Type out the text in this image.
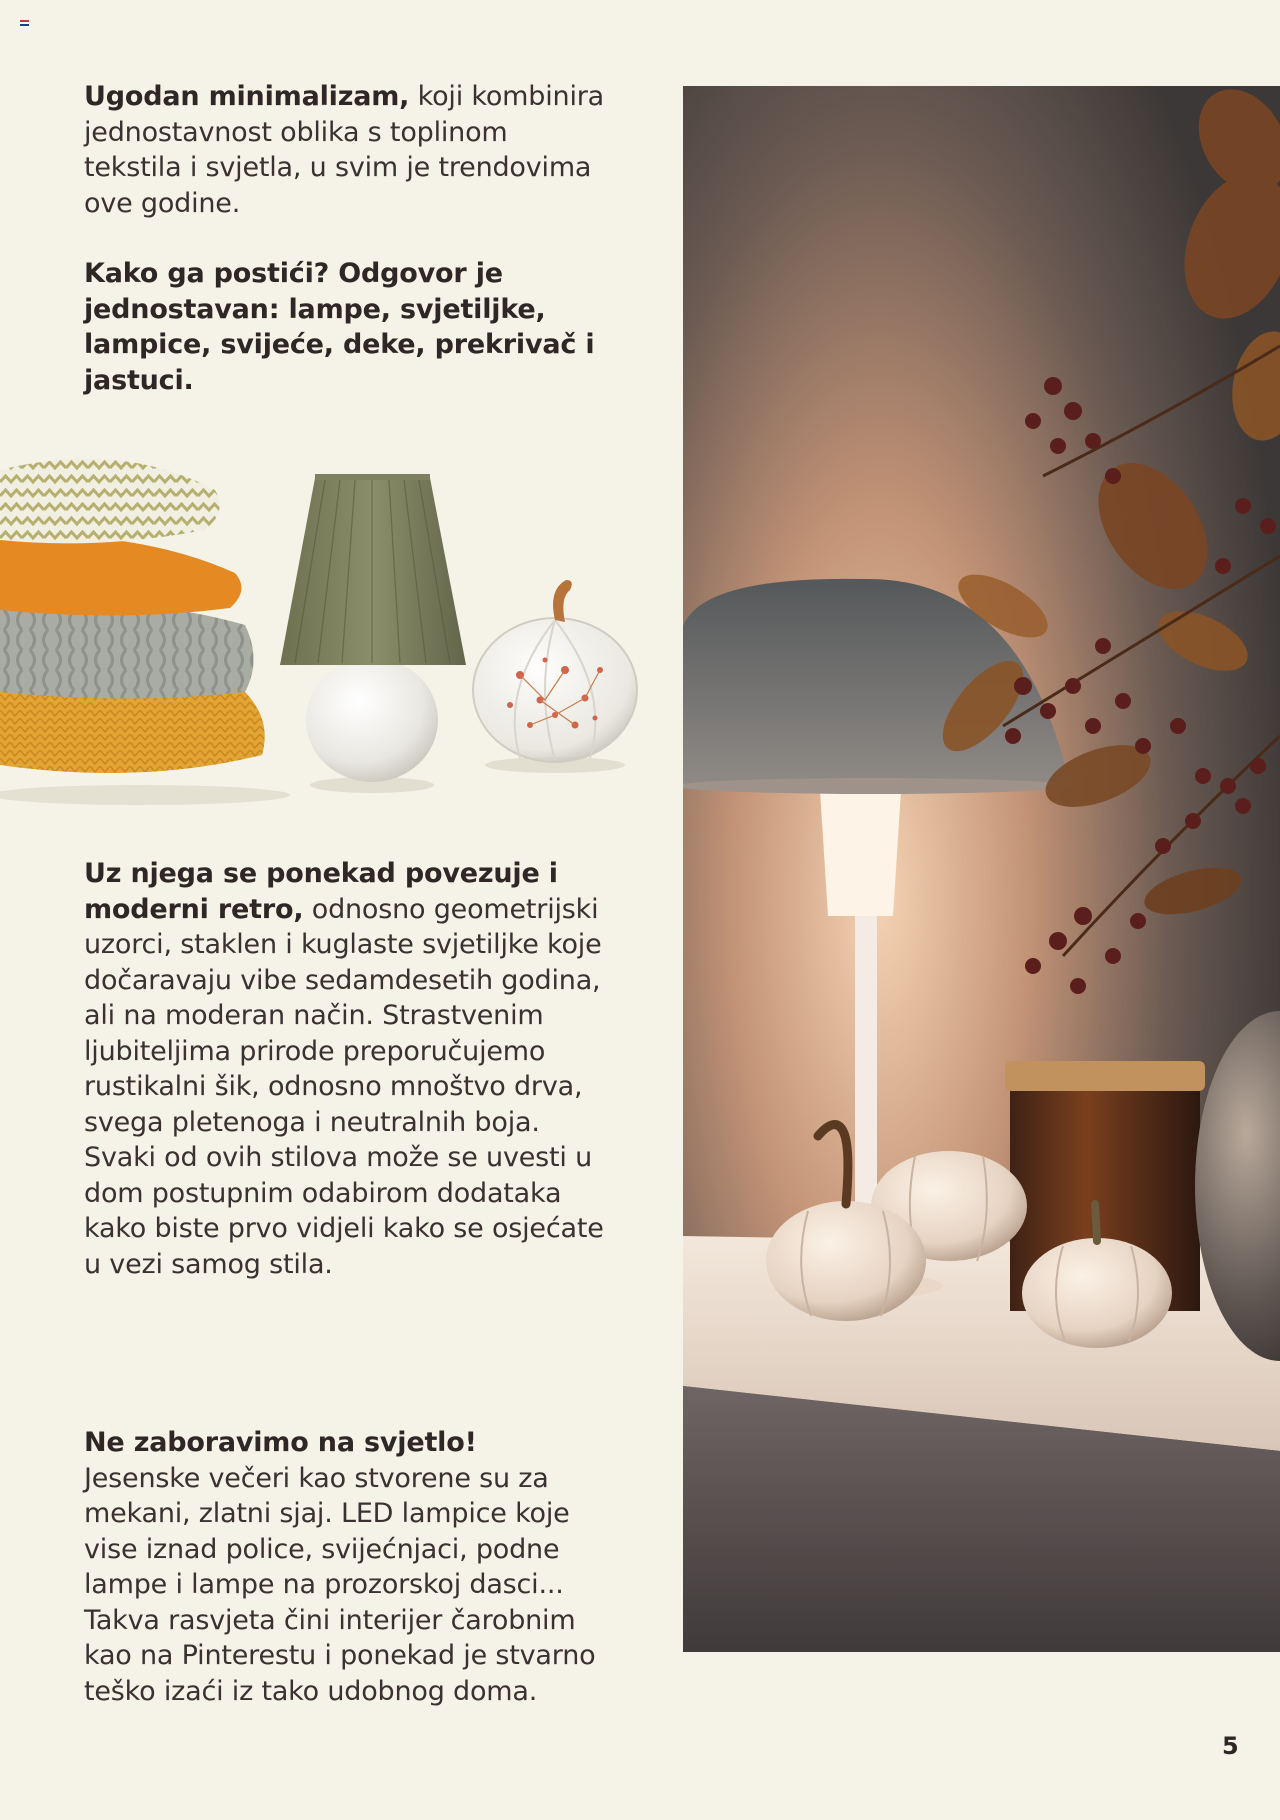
Ugodan minimalizam, koji kombinira jednostavnost oblika s toplinom tekstila i svjetla, u svim je trendovima ove godine.

Kako ga postići? Odgovor je jednostavan: lampe, svjetiljke, lampice, svijeće, deke, prekrivač i jastuci.

Uz njega se ponekad povezuje i moderni retro, odnosno geometrijski uzorci, staklen i kuglaste svjetiljke koje dočaravaju vibe sedamdesetih godina, ali na moderan način. Strastvenim ljubiteljima prirode preporučujemo rustikalni šik, odnosno mnoštvo drva, svega pletenoga i neutralnih boja. Svaki od ovih stilova može se uvesti u dom postupnim odabirom dodataka kako biste prvo vidjeli kako se osjećate u vezi samog stila.

Ne zaboravimo na svjetlo!

Jesenske večeri kao stvorene su za mekani, zlatni sjaj. LED lampice koje vise iznad police, svijećnjaci, podne lampe i lampe na prozorskoj dasci... Takva rasvjeta čini interijer čarobnim kao na Pinterestu i ponekad je stvarno teško izaći iz tako udobnog doma.

5
